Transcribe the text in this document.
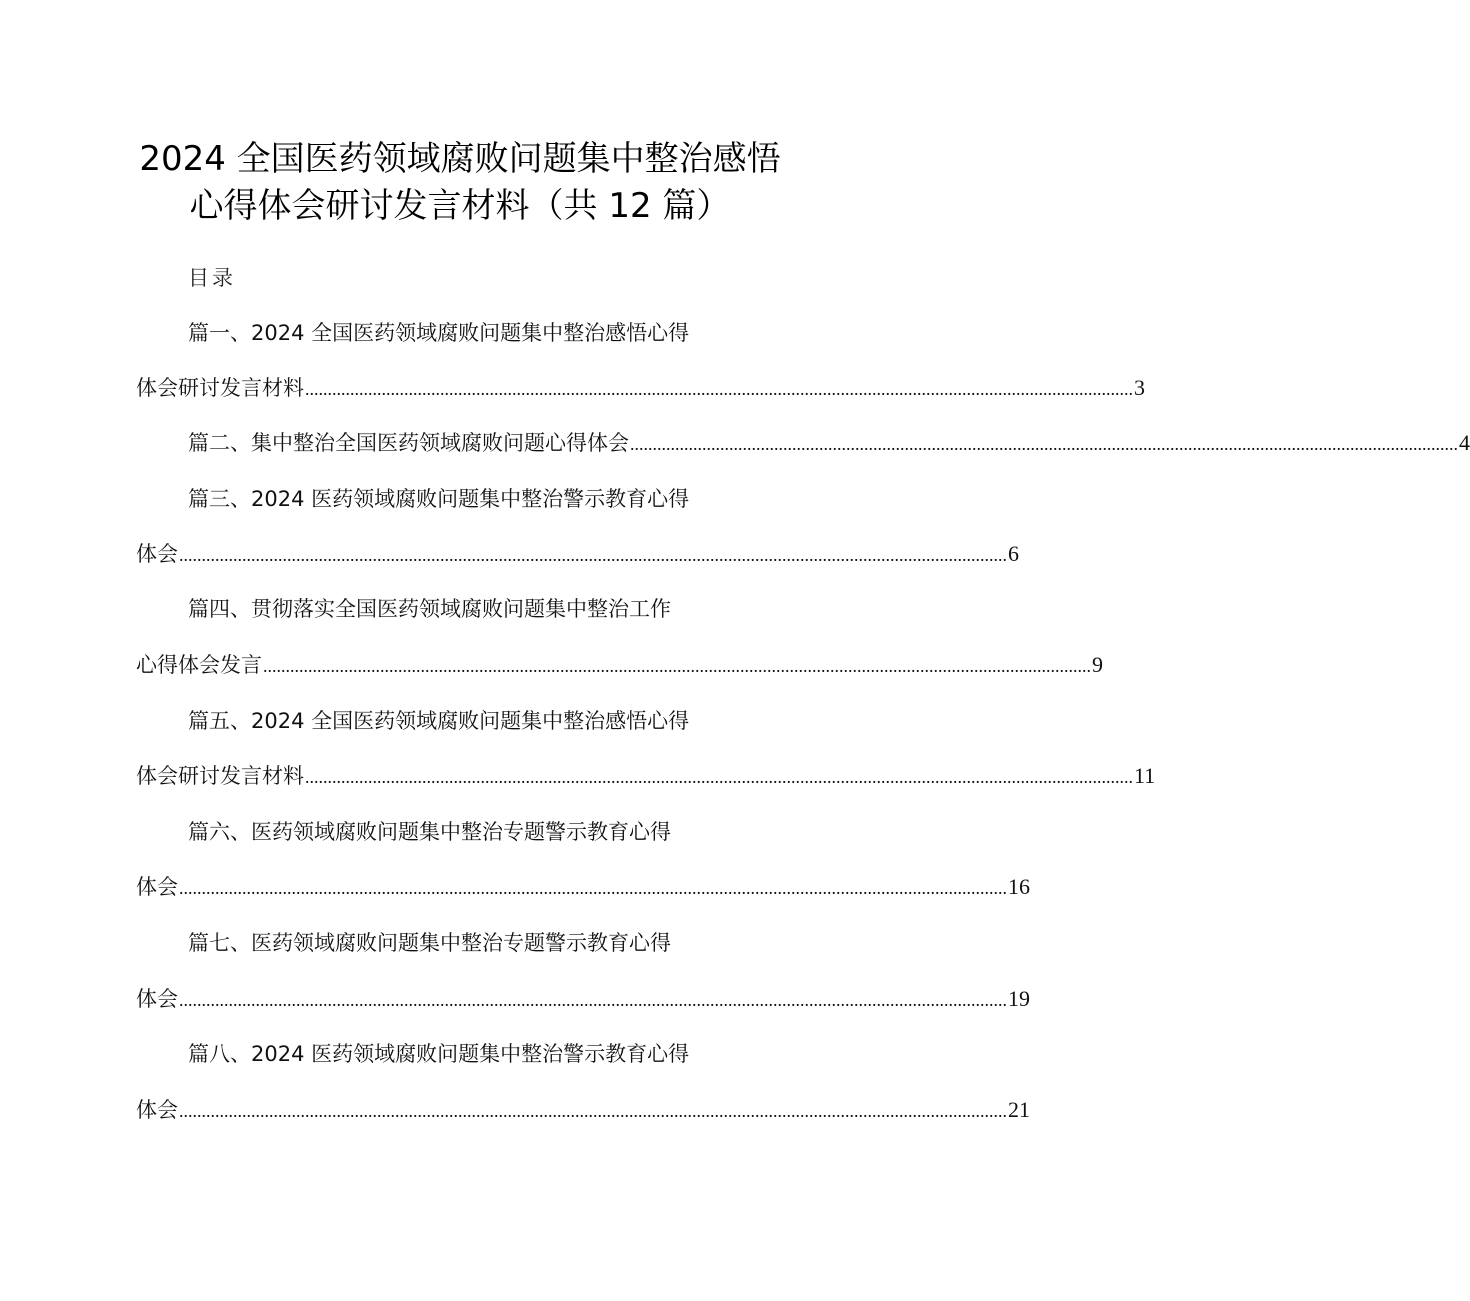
2024 全国医药领域腐败问题集中整治感悟
心得体会研讨发言材料（共 12 篇）
目录
篇一、2024 全国医药领域腐败问题集中整治感悟心得
体会研讨发言材料 ........................................................................................................................................................................................ 3
篇二、集中整治全国医药领域腐败问题心得体会 ........................................................................................................................................................................................ 4
篇三、2024 医药领域腐败问题集中整治警示教育心得
体会 ........................................................................................................................................................................................ 6
篇四、贯彻落实全国医药领域腐败问题集中整治工作
心得体会发言 ........................................................................................................................................................................................ 9
篇五、2024 全国医药领域腐败问题集中整治感悟心得
体会研讨发言材料 ........................................................................................................................................................................................ 11
篇六、医药领域腐败问题集中整治专题警示教育心得
体会 ........................................................................................................................................................................................ 16
篇七、医药领域腐败问题集中整治专题警示教育心得
体会 ........................................................................................................................................................................................ 19
篇八、2024 医药领域腐败问题集中整治警示教育心得
体会 ........................................................................................................................................................................................ 21
